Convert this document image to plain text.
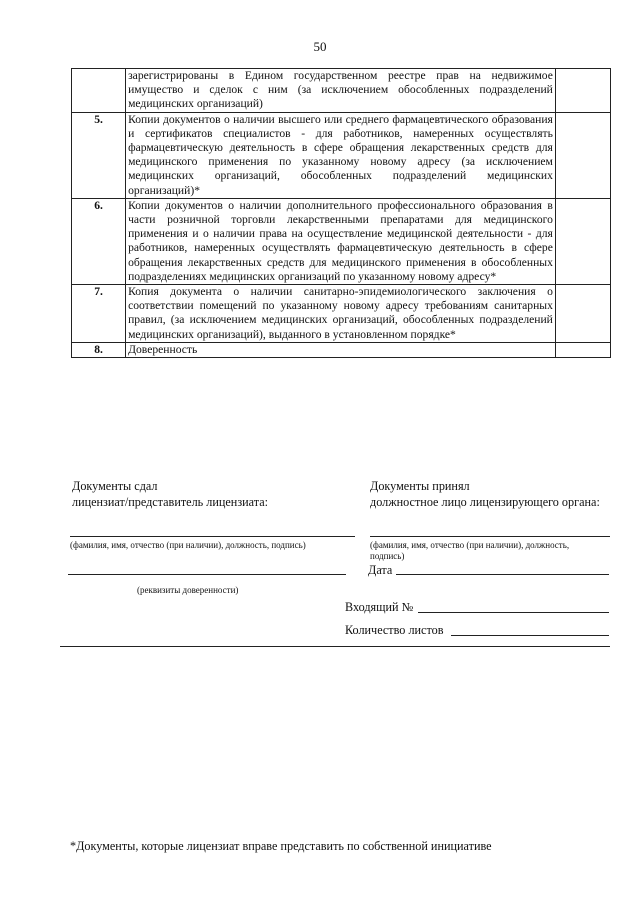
50
	зарегистрированы в Едином государственном реестре прав на недвижимое имущество и сделок с ним (за исключением обособленных подразделений медицинских организаций)	
5.	Копии документов о наличии высшего или среднего фармацевтического образования и сертификатов специалистов - для работников, намеренных осуществлять фармацевтическую деятельность в сфере обращения лекарственных средств для медицинского применения по указанному новому адресу (за исключением медицинских организаций, обособленных подразделений медицинских организаций)*	
6.	Копии документов о наличии дополнительного профессионального образования в части розничной торговли лекарственными препаратами для медицинского применения и о наличии права на осуществление медицинской деятельности - для работников, намеренных осуществлять фармацевтическую деятельность в сфере обращения лекарственных средств для медицинского применения в обособленных подразделениях медицинских организаций по указанному новому адресу*	
7.	Копия документа о наличии санитарно-эпидемиологического заключения о соответствии помещений по указанному новому адресу требованиям санитарных правил, (за исключением медицинских организаций, обособленных подразделений медицинских организаций), выданного в установленном порядке*	
8.	Доверенность	
Документы сдал
лицензиат/представитель лицензиата:
(фамилия, имя, отчество (при наличии), должность, подпись)
(реквизиты доверенности)
Документы принял
должностное лицо лицензирующего органа:
(фамилия, имя, отчество (при наличии), должность,
подпись)
Дата
Входящий №
Количество листов
*Документы, которые лицензиат вправе представить по собственной инициативе
